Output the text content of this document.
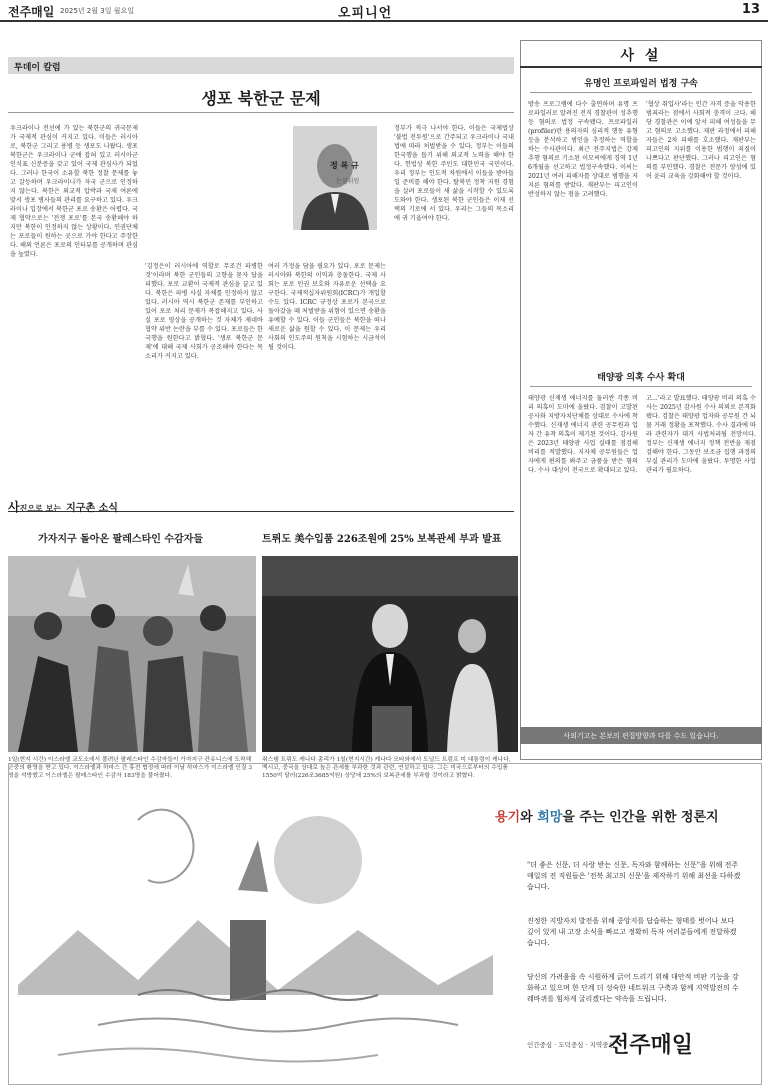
전주매일 2025년 2월 3일 월요일	오피니언	13
투데이 칼럼
생포 북한군 문제
우크라이나 전선에 가 있는 북한군의 귀국문제가 국제적 관심이 커지고 있다. 이들은 러시아로, 북한군 그리고 용병 등 생포도 나왔다. 생포 북한군은 우크라이나 군에 잡혀 있고 러시아군 인식표 신분증을 갖고 있어 국제 관심사가 되었다. 그러나 한국이 소유할 북한 정찰 문제를 놓고 갈등하며 우크라이나가 자국 군으로 인정하지 않는다. 북한은 외교적 압박과 국제 여론에 맞서 생포 병사들의 관리를 요구하고 있다. 우크라이나 입장에서 북한군 포로 송환은 어렵다. 국제 협약으로는 '전쟁 포로'를 본국 송환해야 하지만 북한이 인정하지 않는 상황이다. 인권단체는 포로들이 원하는 곳으로 가야 한다고 주장한다. 해외 언론은 포로의 인터뷰를 공개하며 관심을 높였다.
정 복 규
논설위원
'김정은이 러시아에 역할로 무조건 파병한 것'이라며 북한 군인들의 고향을 묻자 답을 피했다. 포로 교환이 국제적 관심을 끌고 있다. 북한은 파병 사실 자체를 인정하지 않고 있다. 러시아 역시 북한군 존재를 부인하고 있어 포로 처리 문제가 복잡해지고 있다. 사실 포로 영상을 공개하는 것 자체가 제네바 협약 위반 논란을 부를 수 있다. 포로들은 한국행을 원한다고 밝혔다. '생포 북한군 문제'에 대해 국제 사회가 공조해야 한다는 목소리가 커지고 있다.
여러 가정을 담을 필요가 있다. 포로 문제는 러시아와 북한의 이익과 충돌한다. 국제 사회는 포로 인권 보호와 자유로운 선택을 요구한다. 국제적십자위원회(ICRC)가 개입할 수도 있다. ICRC 규정상 포로가 본국으로 돌아갔을 때 처벌받을 위험이 있으면 송환을 유예할 수 있다. 이들 군인들은 북한을 떠나 새로운 삶을 원할 수 있다. 이 문제는 우리 사회의 인도주의 원칙을 시험하는 시금석이 될 것이다.
정부가 적극 나서야 한다. 이들은 국제법상 '불법 전투원'으로 간주되고 우크라이나 국내법에 따라 처벌받을 수 있다. 정부는 이들의 한국행을 돕기 위해 외교적 노력을 해야 한다. 헌법상 북한 주민도 대한민국 국민이다. 우리 정부는 인도적 차원에서 이들을 받아들일 준비를 해야 한다. 탈북민 정착 지원 경험을 살려 포로들이 새 삶을 시작할 수 있도록 도와야 한다. 생포된 북한 군인들은 이제 선택의 기로에 서 있다. 우리는 그들의 목소리에 귀 기울여야 한다.
사 설
유명인 프로파일러 법정 구속
방송 프로그램에 다수 출연하며 유명 프로파일러로 알려진 전직 경찰관이 성추행 등 혐의로 법정 구속됐다. 프로파일러(profiler)란 용의자의 심리적 행동 유형 등을 분석하고 범인을 추정하는 역할을 하는 수사관이다. 최근 전주지법은 강제추행 혐의로 기소된 이모씨에게 징역 1년 6개월을 선고하고 법정구속했다. 이씨는 2021년 여러 피해자를 상대로 범행을 저지른 혐의를 받았다. 재판부는 피고인이 반성하지 않는 점을 고려했다.
'협상 취업사'라는 인간 자격 증을 악용한 범죄라는 점에서 사회적 충격이 크다. 해당 경찰관은 이에 앞서 피해 여성들을 무고 혐의로 고소했다. 재판 과정에서 피해자들은 2차 피해를 호소했다. 재판부는 피고인의 지위를 이용한 범행이 죄질이 나쁘다고 판단했다. 그러나 피고인은 혐의를 부인했다. 경찰은 전문가 양성에 있어 윤리 교육을 강화해야 할 것이다.
태양광 의혹 수사 확대
태양광 신재생 에너지를 둘러싼 각종 비리 의혹이 도마에 올랐다. 검찰이 고발된 공사와 지방자치단체를 상대로 수사에 착수했다. 신재생 에너지 관련 공무원과 업자 간 유착 의혹이 제기된 것이다. 감사원은 2023년 태양광 사업 실태를 점검해 비리를 적발했다. 지자체 공무원들은 업자에게 편의를 봐주고 금품을 받은 혐의다. 수사 대상이 전국으로 확대되고 있다.
고...'라고 발표했다. 태양광 비리 의혹 수사는 2025년 감사원 수사 의뢰로 본격화됐다. 검찰은 태양광 업자와 공무원 간 뇌물 거래 정황을 포착했다. 수사 결과에 따라 관련자가 대거 사법처리될 전망이다. 정부는 신재생 에너지 정책 전반을 재점검해야 한다. 그동안 보조금 집행 과정의 부실 관리가 도마에 올랐다. 투명한 사업 관리가 필요하다.
사외기고는 본보의 편집방향과 다를 수도 있습니다.
사진으로 보는 지구촌 소식
가자지구 돌아온 팔레스타인 수감자들
1일(현지 시간) 이스라엘 교도소에서 풀려난 팔레스타인 수감자들이 가자지구 칸유니스에 도착해 군중의 환영을 받고 있다. 이스라엘과 하마스 간 휴전 협정에 따라 이날 하마스가 이스라엘 인질 3명을 석방했고 이스라엘은 팔레스타인 수감자 183명을 풀어줬다.
트뤼도 美수입품 226조원에 25% 보복관세 부과 발표
쥐스탱 트뤼도 캐나다 총리가 1일(현지시간) 캐나다 오타와에서 도널드 트럼프 미 대통령이 캐나다, 멕시코, 중국을 상대로 높은 관세를 부과한 것과 관련, 연설하고 있다. 그는 미국으로부터의 수입품 1550억 달러(226조3685억원) 상당에 25%의 보복관세를 부과할 것이라고 밝혔다.
용기와 희망을 주는 인간을 위한 정론지
"더 좋은 신문, 더 사랑 받는 신문, 독자와 함께하는 신문"을 위해 전주매일의 전 직원들은 '전북 최고의 신문'을 제작하기 위해 최선을 다하겠습니다.
진정한 지방자치 발전을 위해 중앙지를 답습하는 형태를 벗어나 보다 깊이 있게 내 고장 소식을 빠르고 정확히 독자 여러분들에게 전달하겠습니다.
당신의 가려움을 속 시원하게 긁어 드리기 위해 대안적 비판 기능을 강화하고 있으며 한 단계 더 성숙한 네트워크 구축과 함께 지역발전의 수레바퀴를 힘차게 굴리겠다는 약속을 드립니다.
인간중심 · 도덕중심 · 지역중심
전주매일
